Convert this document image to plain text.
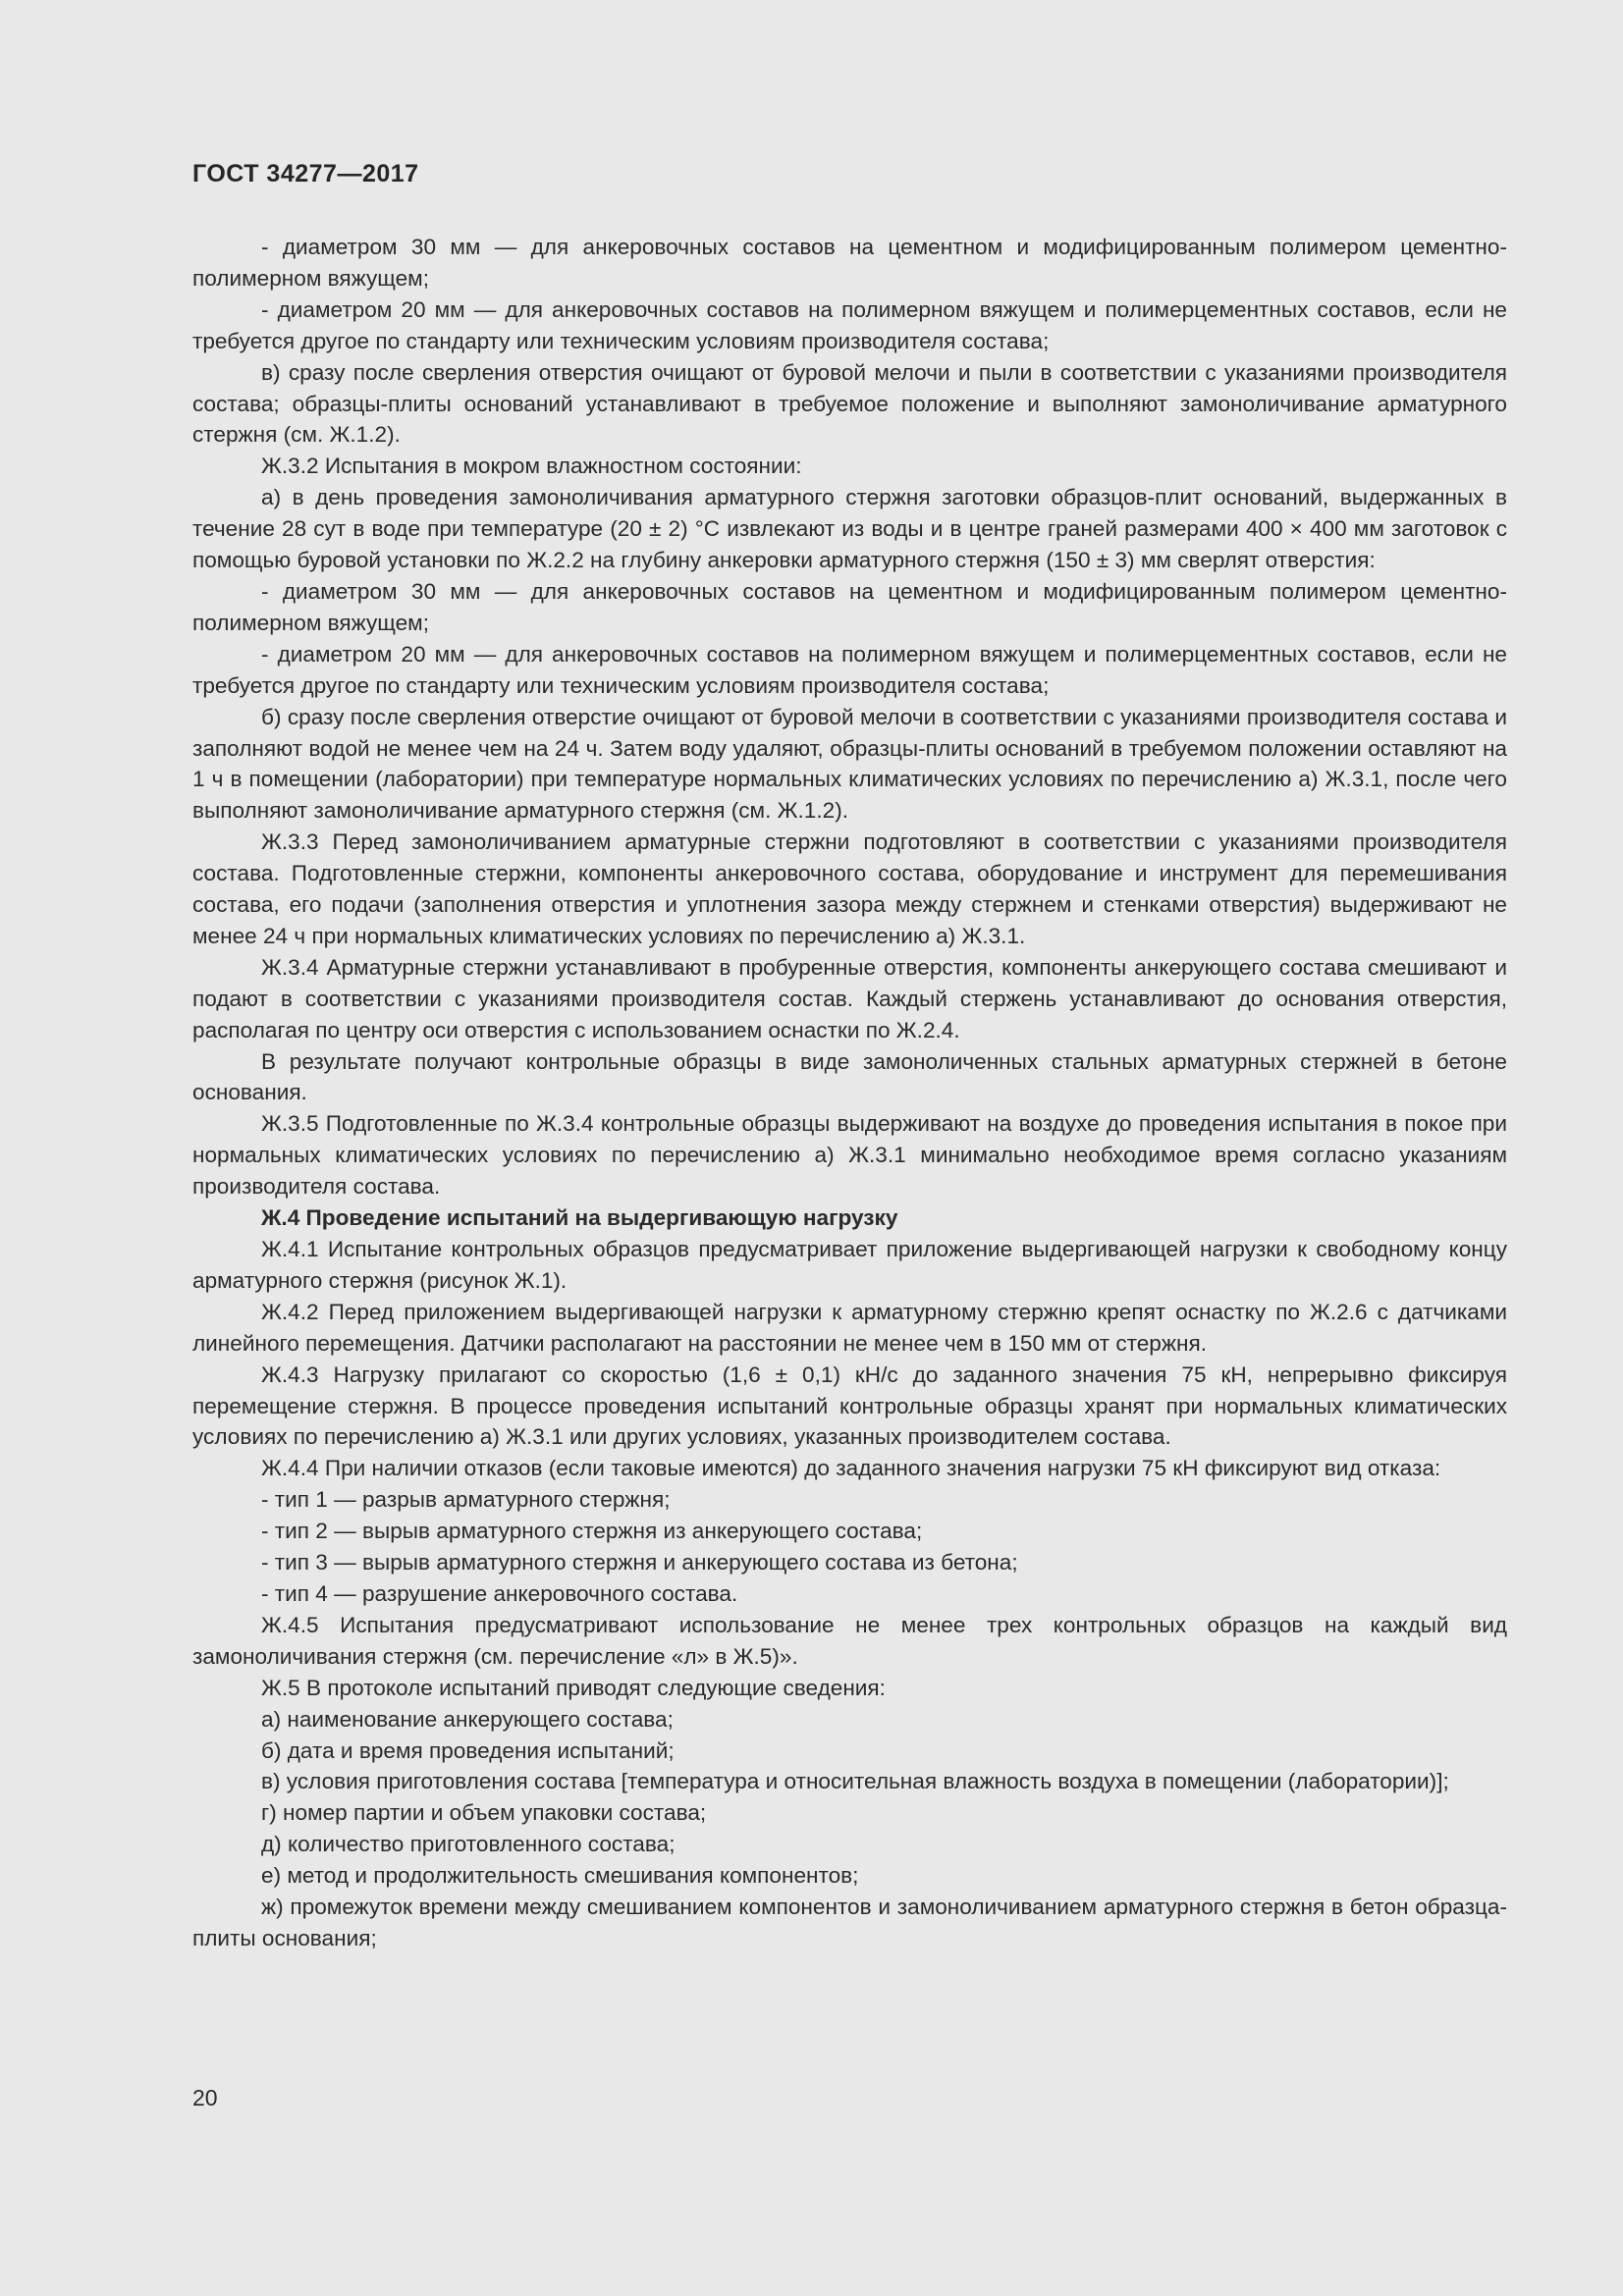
ГОСТ 34277—2017

- диаметром 30 мм — для анкеровочных составов на цементном и модифицированным полимером цементно-полимерном вяжущем;

- диаметром 20 мм — для анкеровочных составов на полимерном вяжущем и полимерцементных составов, если не требуется другое по стандарту или техническим условиям производителя состава;

в) сразу после сверления отверстия очищают от буровой мелочи и пыли в соответствии с указаниями производителя состава; образцы-плиты оснований устанавливают в требуемое положение и выполняют замоноличивание арматурного стержня (см. Ж.1.2).

Ж.3.2 Испытания в мокром влажностном состоянии:

а) в день проведения замоноличивания арматурного стержня заготовки образцов-плит оснований, выдержанных в течение 28 сут в воде при температуре (20 ± 2) °С извлекают из воды и в центре граней размерами 400 × 400 мм заготовок с помощью буровой установки по Ж.2.2 на глубину анкеровки арматурного стержня (150 ± 3) мм сверлят отверстия:

- диаметром 30 мм — для анкеровочных составов на цементном и модифицированным полимером цементно-полимерном вяжущем;

- диаметром 20 мм — для анкеровочных составов на полимерном вяжущем и полимерцементных составов, если не требуется другое по стандарту или техническим условиям производителя состава;

б) сразу после сверления отверстие очищают от буровой мелочи в соответствии с указаниями производителя состава и заполняют водой не менее чем на 24 ч. Затем воду удаляют, образцы-плиты оснований в требуемом положении оставляют на 1 ч в помещении (лаборатории) при температуре нормальных климатических условиях по перечислению а) Ж.3.1, после чего выполняют замоноличивание арматурного стержня (см. Ж.1.2).

Ж.3.3 Перед замоноличиванием арматурные стержни подготовляют в соответствии с указаниями производителя состава. Подготовленные стержни, компоненты анкеровочного состава, оборудование и инструмент для перемешивания состава, его подачи (заполнения отверстия и уплотнения зазора между стержнем и стенками отверстия) выдерживают не менее 24 ч при нормальных климатических условиях по перечислению а) Ж.3.1.

Ж.3.4 Арматурные стержни устанавливают в пробуренные отверстия, компоненты анкерующего состава смешивают и подают в соответствии с указаниями производителя состав. Каждый стержень устанавливают до основания отверстия, располагая по центру оси отверстия с использованием оснастки по Ж.2.4.

В результате получают контрольные образцы в виде замоноличенных стальных арматурных стержней в бетоне основания.

Ж.3.5 Подготовленные по Ж.3.4 контрольные образцы выдерживают на воздухе до проведения испытания в покое при нормальных климатических условиях по перечислению а) Ж.3.1 минимально необходимое время согласно указаниям производителя состава.

Ж.4 Проведение испытаний на выдергивающую нагрузку

Ж.4.1 Испытание контрольных образцов предусматривает приложение выдергивающей нагрузки к свободному концу арматурного стержня (рисунок Ж.1).

Ж.4.2 Перед приложением выдергивающей нагрузки к арматурному стержню крепят оснастку по Ж.2.6 с датчиками линейного перемещения. Датчики располагают на расстоянии не менее чем в 150 мм от стержня.

Ж.4.3 Нагрузку прилагают со скоростью (1,6 ± 0,1) кН/с до заданного значения 75 кН, непрерывно фиксируя перемещение стержня. В процессе проведения испытаний контрольные образцы хранят при нормальных климатических условиях по перечислению а) Ж.3.1 или других условиях, указанных производителем состава.

Ж.4.4 При наличии отказов (если таковые имеются) до заданного значения нагрузки 75 кН фиксируют вид отказа:

- тип 1 — разрыв арматурного стержня;

- тип 2 — вырыв арматурного стержня из анкерующего состава;

- тип 3 — вырыв арматурного стержня и анкерующего состава из бетона;

- тип 4 — разрушение анкеровочного состава.

Ж.4.5 Испытания предусматривают использование не менее трех контрольных образцов на каждый вид замоноличивания стержня (см. перечисление «л» в Ж.5)».

Ж.5 В протоколе испытаний приводят следующие сведения:

а) наименование анкерующего состава;

б) дата и время проведения испытаний;

в) условия приготовления состава [температура и относительная влажность воздуха в помещении (лаборатории)];

г) номер партии и объем упаковки состава;

д) количество приготовленного состава;

е) метод и продолжительность смешивания компонентов;

ж) промежуток времени между смешиванием компонентов и замоноличиванием арматурного стержня в бетон образца-плиты основания;

20
